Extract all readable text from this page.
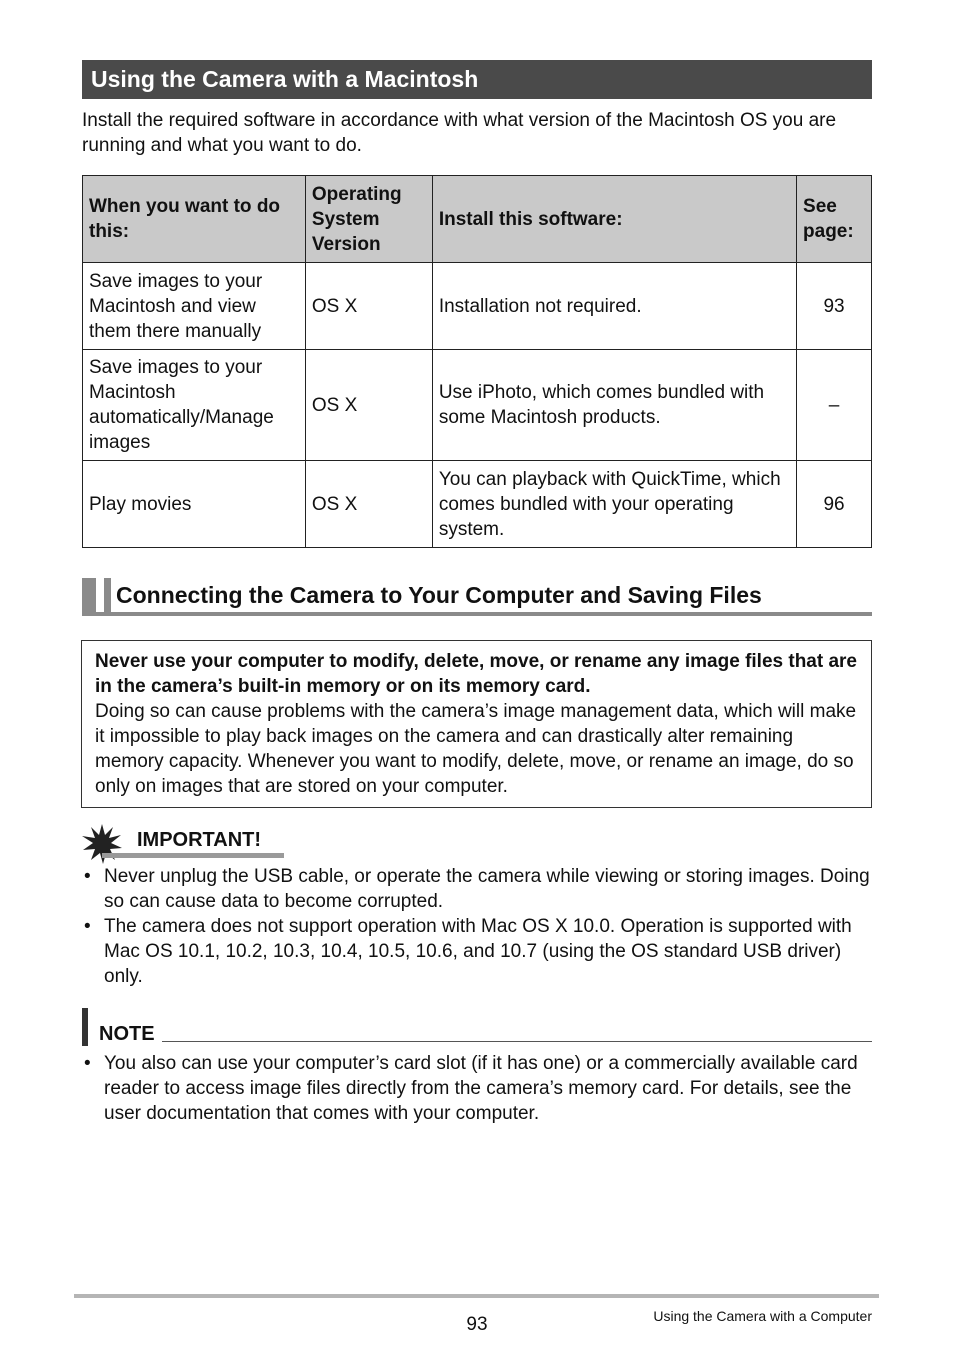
Using the Camera with a Macintosh
Install the required software in accordance with what version of the Macintosh OS you are running and what you want to do.
When you want to do this:	Operating System Version	Install this software:	See page:
Save images to your Macintosh and view them there manually	OS X	Installation not required.	93
Save images to your Macintosh automatically/Manage images	OS X	Use iPhoto, which comes bundled with some Macintosh products.	–
Play movies	OS X	You can playback with QuickTime, which comes bundled with your operating system.	96
Connecting the Camera to Your Computer and Saving Files
Never use your computer to modify, delete, move, or rename any image files that are in the camera’s built-in memory or on its memory card.
Doing so can cause problems with the camera’s image management data, which will make it impossible to play back images on the camera and can drastically alter remaining memory capacity. Whenever you want to modify, delete, move, or rename an image, do so only on images that are stored on your computer.
IMPORTANT!
• Never unplug the USB cable, or operate the camera while viewing or storing images. Doing so can cause data to become corrupted.
• The camera does not support operation with Mac OS X 10.0. Operation is supported with Mac OS 10.1, 10.2, 10.3, 10.4, 10.5, 10.6, and 10.7 (using the OS standard USB driver) only.
NOTE
• You also can use your computer’s card slot (if it has one) or a commercially available card reader to access image files directly from the camera’s memory card. For details, see the user documentation that comes with your computer.
93	Using the Camera with a Computer
